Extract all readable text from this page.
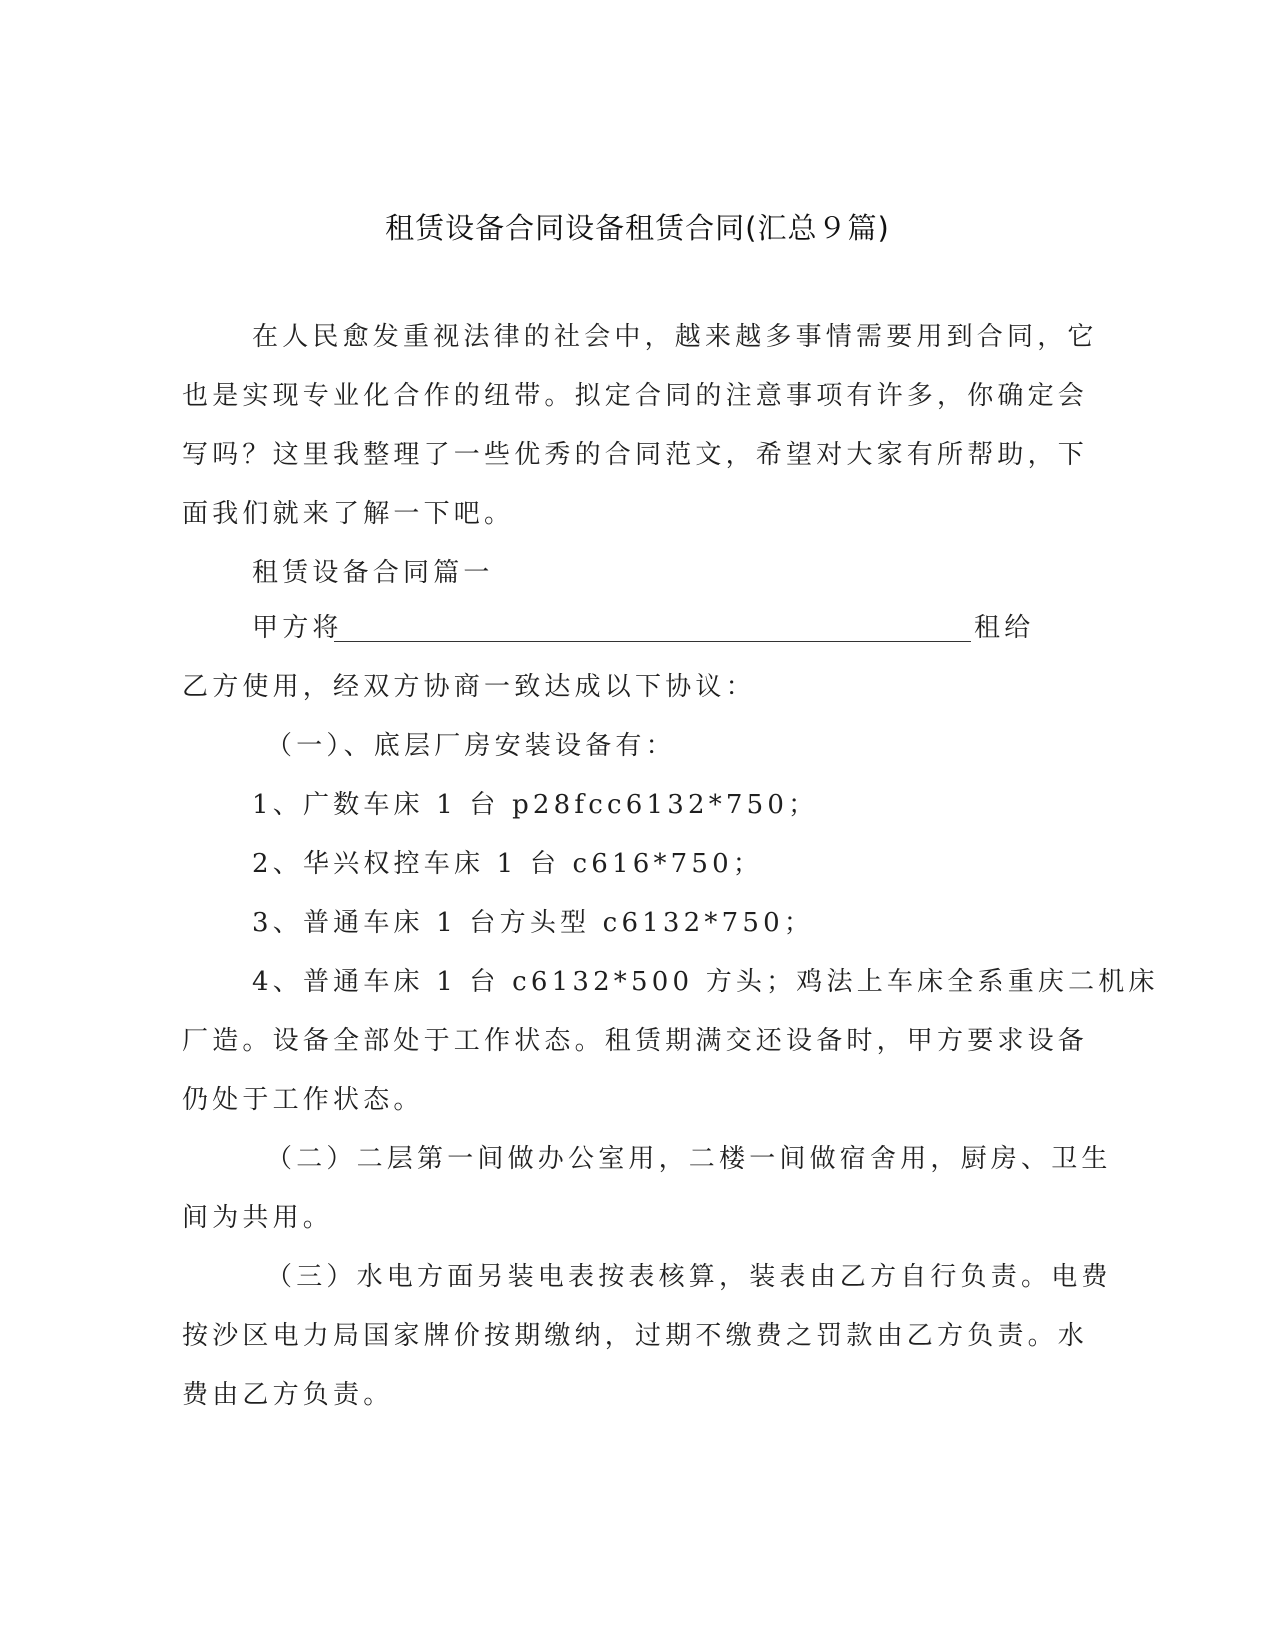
租赁设备合同设备租赁合同(汇总９篇)
在人民愈发重视法律的社会中，越来越多事情需要用到合同，它
也是实现专业化合作的纽带。拟定合同的注意事项有许多，你确定会
写吗？这里我整理了一些优秀的合同范文，希望对大家有所帮助，下
面我们就来了解一下吧。
租赁设备合同篇一
甲方将	租给
乙方使用，经双方协商一致达成以下协议：
（一）、底层厂房安装设备有：
1、广数车床 1 台 p28fcc6132*750；
2、华兴权控车床 1 台 c616*750；
3、普通车床 1 台方头型 c6132*750；
4、普通车床 1 台 c6132*500 方头；鸡法上车床全系重庆二机床
厂造。设备全部处于工作状态。租赁期满交还设备时，甲方要求设备
仍处于工作状态。
（二）二层第一间做办公室用，二楼一间做宿舍用，厨房、卫生
间为共用。
（三）水电方面另装电表按表核算，装表由乙方自行负责。电费
按沙区电力局国家牌价按期缴纳，过期不缴费之罚款由乙方负责。水
费由乙方负责。
